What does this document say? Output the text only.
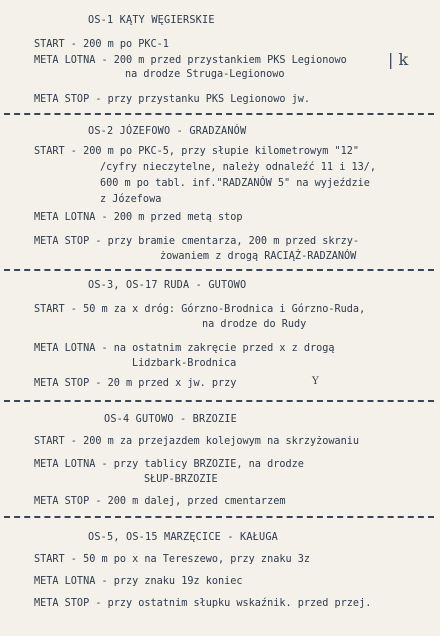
| k
OS-1 KĄTY WĘGIERSKIE
START - 200 m po PKC-1
META LOTNA - 200 m przed przystankiem PKS Legionowo
na drodze Struga-Legionowo
META STOP - przy przystanku PKS Legionowo jw.
OS-2 JÓZEFOWO - GRADZANÓW
START - 200 m po PKC-5, przy słupie kilometrowym "12"
/cyfry nieczytelne, należy odnaleźć 11 i 13/,
600 m po tabl. inf."RADZANÓW 5" na wyjeździe
z Józefowa
META LOTNA - 200 m przed metą stop
META STOP - przy bramie cmentarza, 200 m przed skrzy-
żowaniem z drogą RACIĄŻ-RADZANÓW
OS-3, OS-17 RUDA - GUTOWO
START - 50 m za x dróg: Górzno-Brodnica i Górzno-Ruda,
na drodze do Rudy
META LOTNA - na ostatnim zakręcie przed x z drogą
Lidzbark-Brodnica
META STOP - 20 m przed x jw. przy	Y
OS-4 GUTOWO - BRZOZIE
START - 200 m za przejazdem kolejowym na skrzyżowaniu
META LOTNA - przy tablicy BRZOZIE, na drodze
SŁUP-BRZOZIE
META STOP - 200 m dalej, przed cmentarzem
OS-5, OS-15 MARZĘCICE - KAŁUGA
START - 50 m po x na Tereszewo, przy znaku 3z
META LOTNA - przy znaku 19z koniec
META STOP - przy ostatnim słupku wskaźnik. przed przej.
